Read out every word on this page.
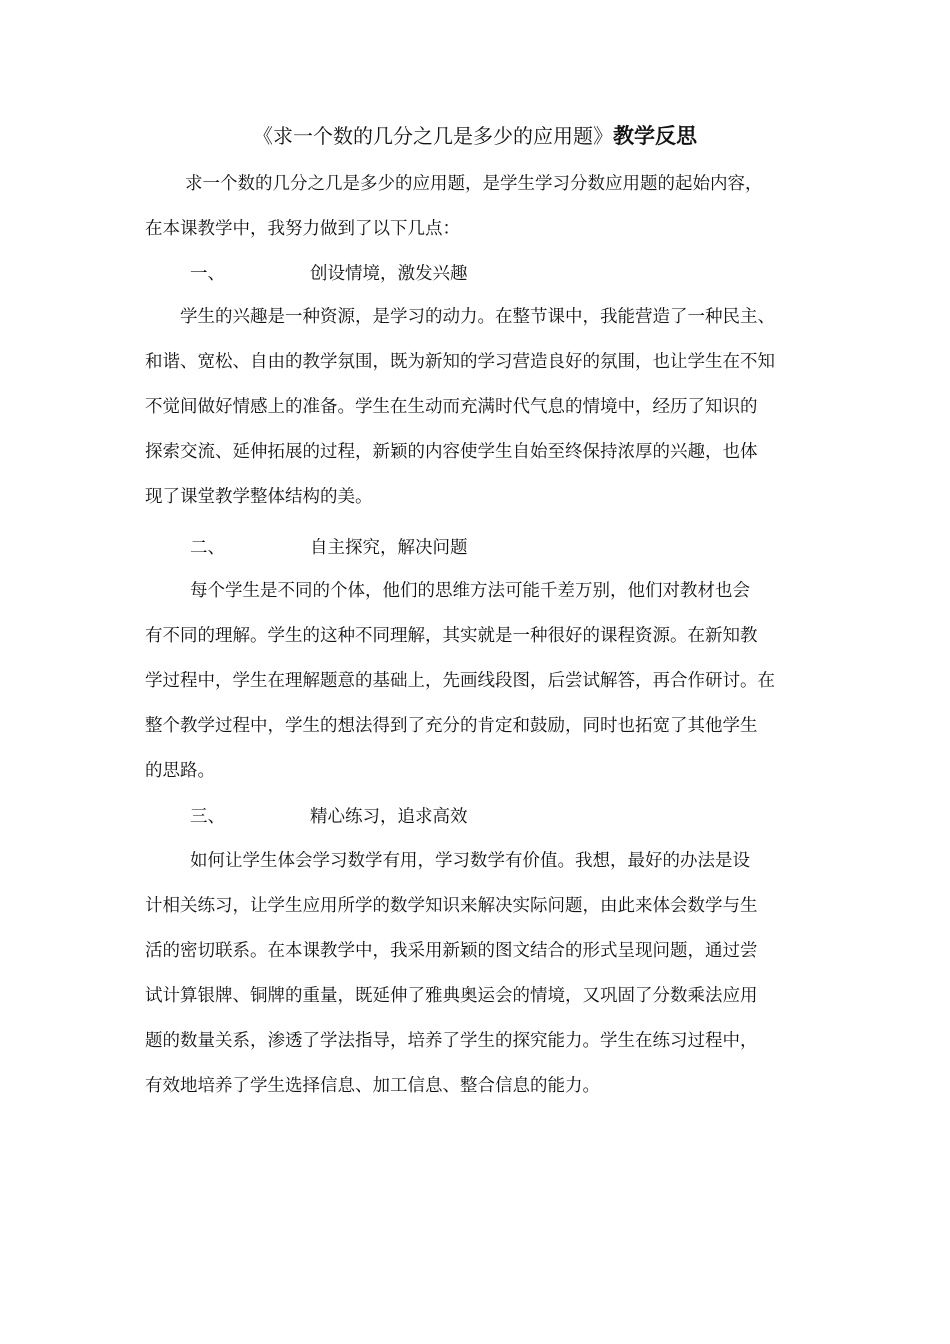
《求一个数的几分之几是多少的应用题》教学反思
求一个数的几分之几是多少的应用题，是学生学习分数应用题的起始内容，
在本课教学中，我努力做到了以下几点：
一、	创设情境，激发兴趣
学生的兴趣是一种资源，是学习的动力。在整节课中，我能营造了一种民主、
和谐、宽松、自由的教学氛围，既为新知的学习营造良好的氛围，也让学生在不知
不觉间做好情感上的准备。学生在生动而充满时代气息的情境中，经历了知识的
探索交流、延伸拓展的过程，新颖的内容使学生自始至终保持浓厚的兴趣，也体
现了课堂教学整体结构的美。
二、	自主探究，解决问题
每个学生是不同的个体，他们的思维方法可能千差万别，他们对教材也会
有不同的理解。学生的这种不同理解，其实就是一种很好的课程资源。在新知教
学过程中，学生在理解题意的基础上，先画线段图，后尝试解答，再合作研讨。在
整个教学过程中，学生的想法得到了充分的肯定和鼓励，同时也拓宽了其他学生
的思路。
三、	精心练习，追求高效
如何让学生体会学习数学有用，学习数学有价值。我想，最好的办法是设
计相关练习，让学生应用所学的数学知识来解决实际问题，由此来体会数学与生
活的密切联系。在本课教学中，我采用新颖的图文结合的形式呈现问题，通过尝
试计算银牌、铜牌的重量，既延伸了雅典奥运会的情境，又巩固了分数乘法应用
题的数量关系，渗透了学法指导，培养了学生的探究能力。学生在练习过程中，
有效地培养了学生选择信息、加工信息、整合信息的能力。
